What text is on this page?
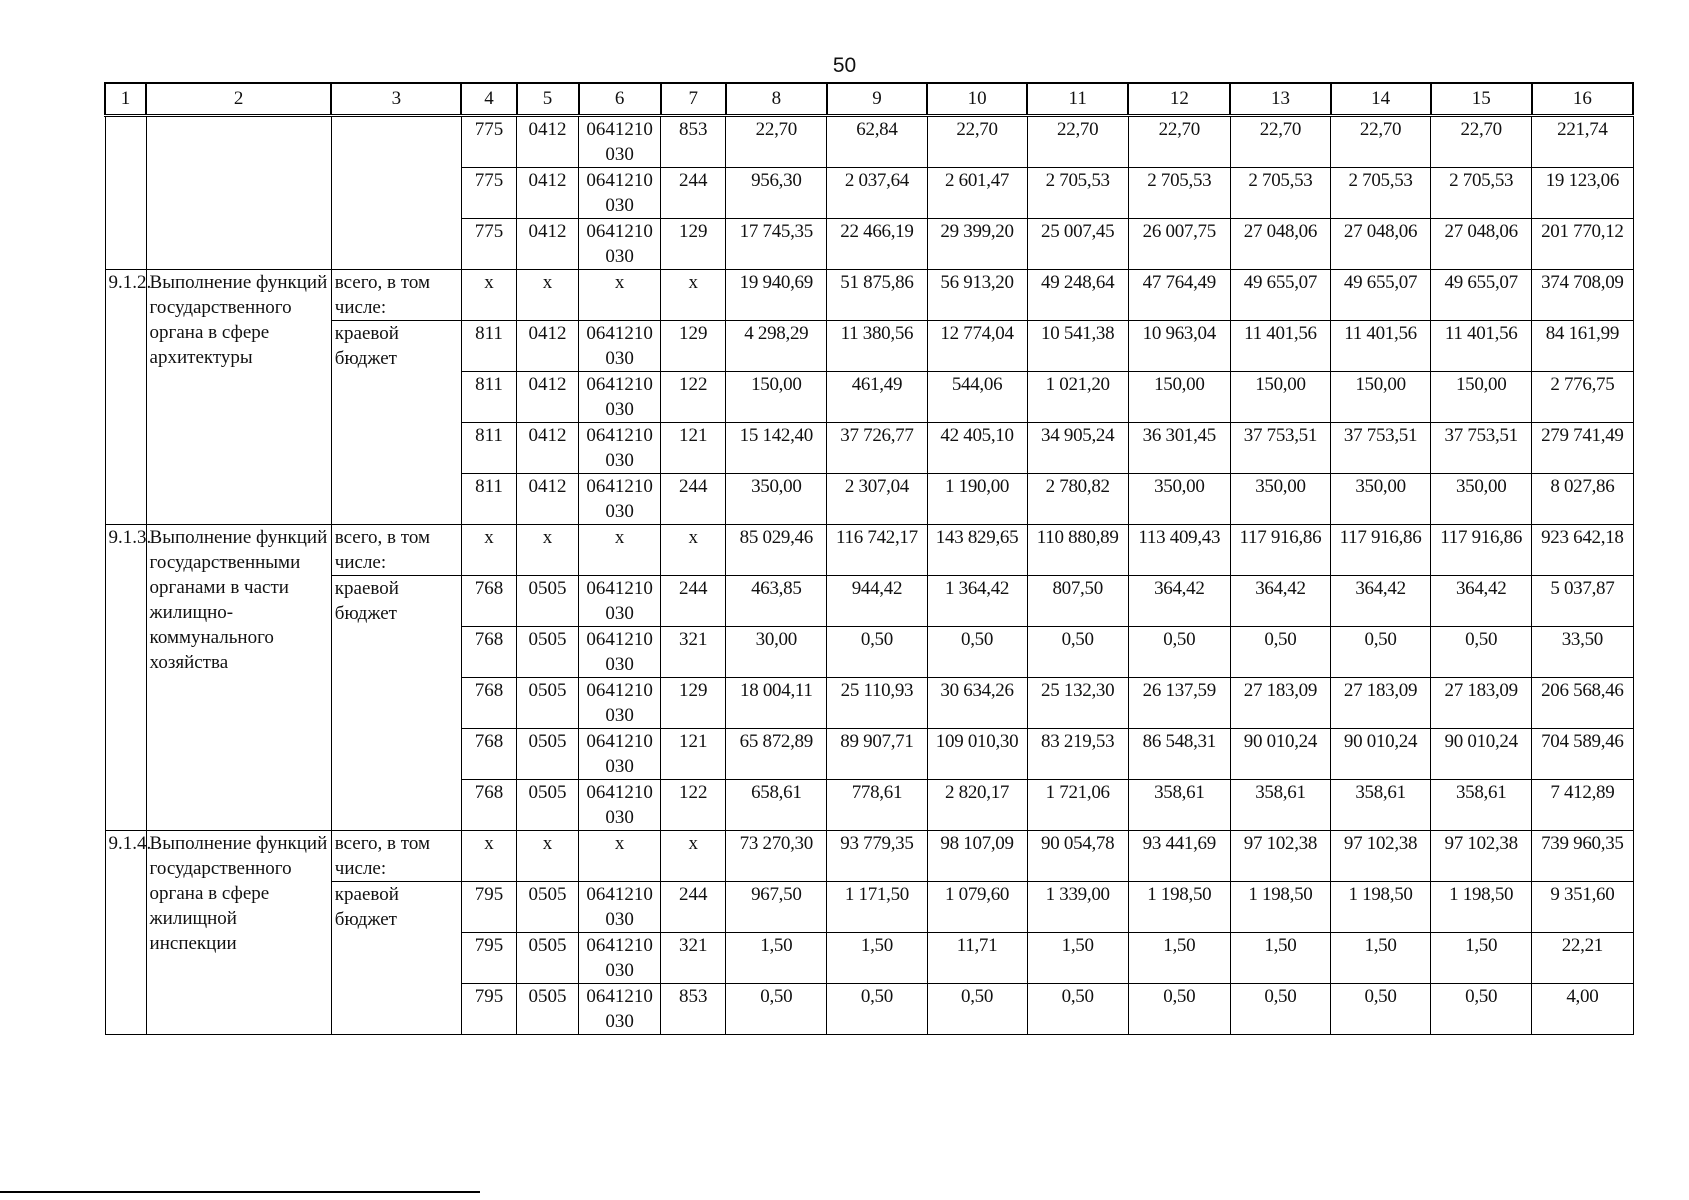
50
1	2	3	4	5	6	7	8	9	10	11	12	13	14	15	16
			775	0412	0641210030	853	22,70	62,84	22,70	22,70	22,70	22,70	22,70	22,70	221,74
			775	0412	0641210030	244	956,30	2 037,64	2 601,47	2 705,53	2 705,53	2 705,53	2 705,53	2 705,53	19 123,06
			775	0412	0641210030	129	17 745,35	22 466,19	29 399,20	25 007,45	26 007,75	27 048,06	27 048,06	27 048,06	201 770,12
9.1.2.	Выполнение функций государственного органа в сфере архитектуры	всего, в том числе:	х	х	х	х	19 940,69	51 875,86	56 913,20	49 248,64	47 764,49	49 655,07	49 655,07	49 655,07	374 708,09
		краевой бюджет	811	0412	0641210030	129	4 298,29	11 380,56	12 774,04	10 541,38	10 963,04	11 401,56	11 401,56	11 401,56	84 161,99
			811	0412	0641210030	122	150,00	461,49	544,06	1 021,20	150,00	150,00	150,00	150,00	2 776,75
			811	0412	0641210030	121	15 142,40	37 726,77	42 405,10	34 905,24	36 301,45	37 753,51	37 753,51	37 753,51	279 741,49
			811	0412	0641210030	244	350,00	2 307,04	1 190,00	2 780,82	350,00	350,00	350,00	350,00	8 027,86
9.1.3.	Выполнение функций государственными органами в части жилищно-коммунального хозяйства	всего, в том числе:	х	х	х	х	85 029,46	116 742,17	143 829,65	110 880,89	113 409,43	117 916,86	117 916,86	117 916,86	923 642,18
		краевой бюджет	768	0505	0641210030	244	463,85	944,42	1 364,42	807,50	364,42	364,42	364,42	364,42	5 037,87
			768	0505	0641210030	321	30,00	0,50	0,50	0,50	0,50	0,50	0,50	0,50	33,50
			768	0505	0641210030	129	18 004,11	25 110,93	30 634,26	25 132,30	26 137,59	27 183,09	27 183,09	27 183,09	206 568,46
			768	0505	0641210030	121	65 872,89	89 907,71	109 010,30	83 219,53	86 548,31	90 010,24	90 010,24	90 010,24	704 589,46
			768	0505	0641210030	122	658,61	778,61	2 820,17	1 721,06	358,61	358,61	358,61	358,61	7 412,89
9.1.4.	Выполнение функций государственного органа в сфере жилищной инспекции	всего, в том числе:	х	х	х	х	73 270,30	93 779,35	98 107,09	90 054,78	93 441,69	97 102,38	97 102,38	97 102,38	739 960,35
		краевой бюджет	795	0505	0641210030	244	967,50	1 171,50	1 079,60	1 339,00	1 198,50	1 198,50	1 198,50	1 198,50	9 351,60
			795	0505	0641210030	321	1,50	1,50	11,71	1,50	1,50	1,50	1,50	1,50	22,21
			795	0505	0641210030	853	0,50	0,50	0,50	0,50	0,50	0,50	0,50	0,50	4,00
